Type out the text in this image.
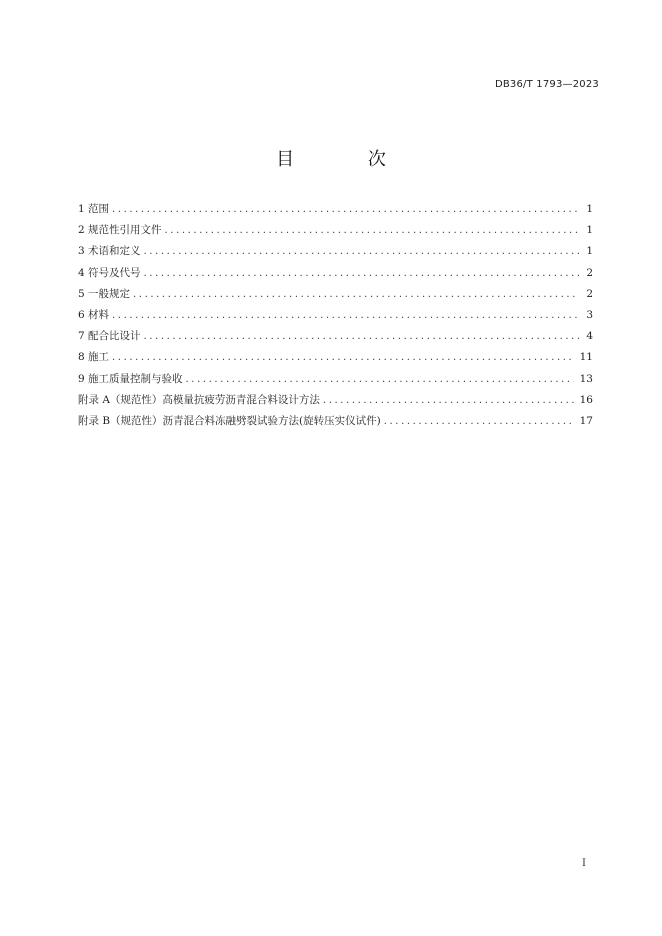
DB36/T 1793—2023
目 次
1 范围 .....	1
2 规范性引用文件 .....	1
3 术语和定义 .....	1
4 符号及代号 .....	2
5 一般规定 .....	2
6 材料 .....	3
7 配合比设计 .....	4
8 施工 .....	11
9 施工质量控制与验收 .....	13
附录 A（规范性）高模量抗疲劳沥青混合料设计方法 .....	16
附录 B（规范性）沥青混合料冻融劈裂试验方法(旋转压实仪试件) .....	17
I
